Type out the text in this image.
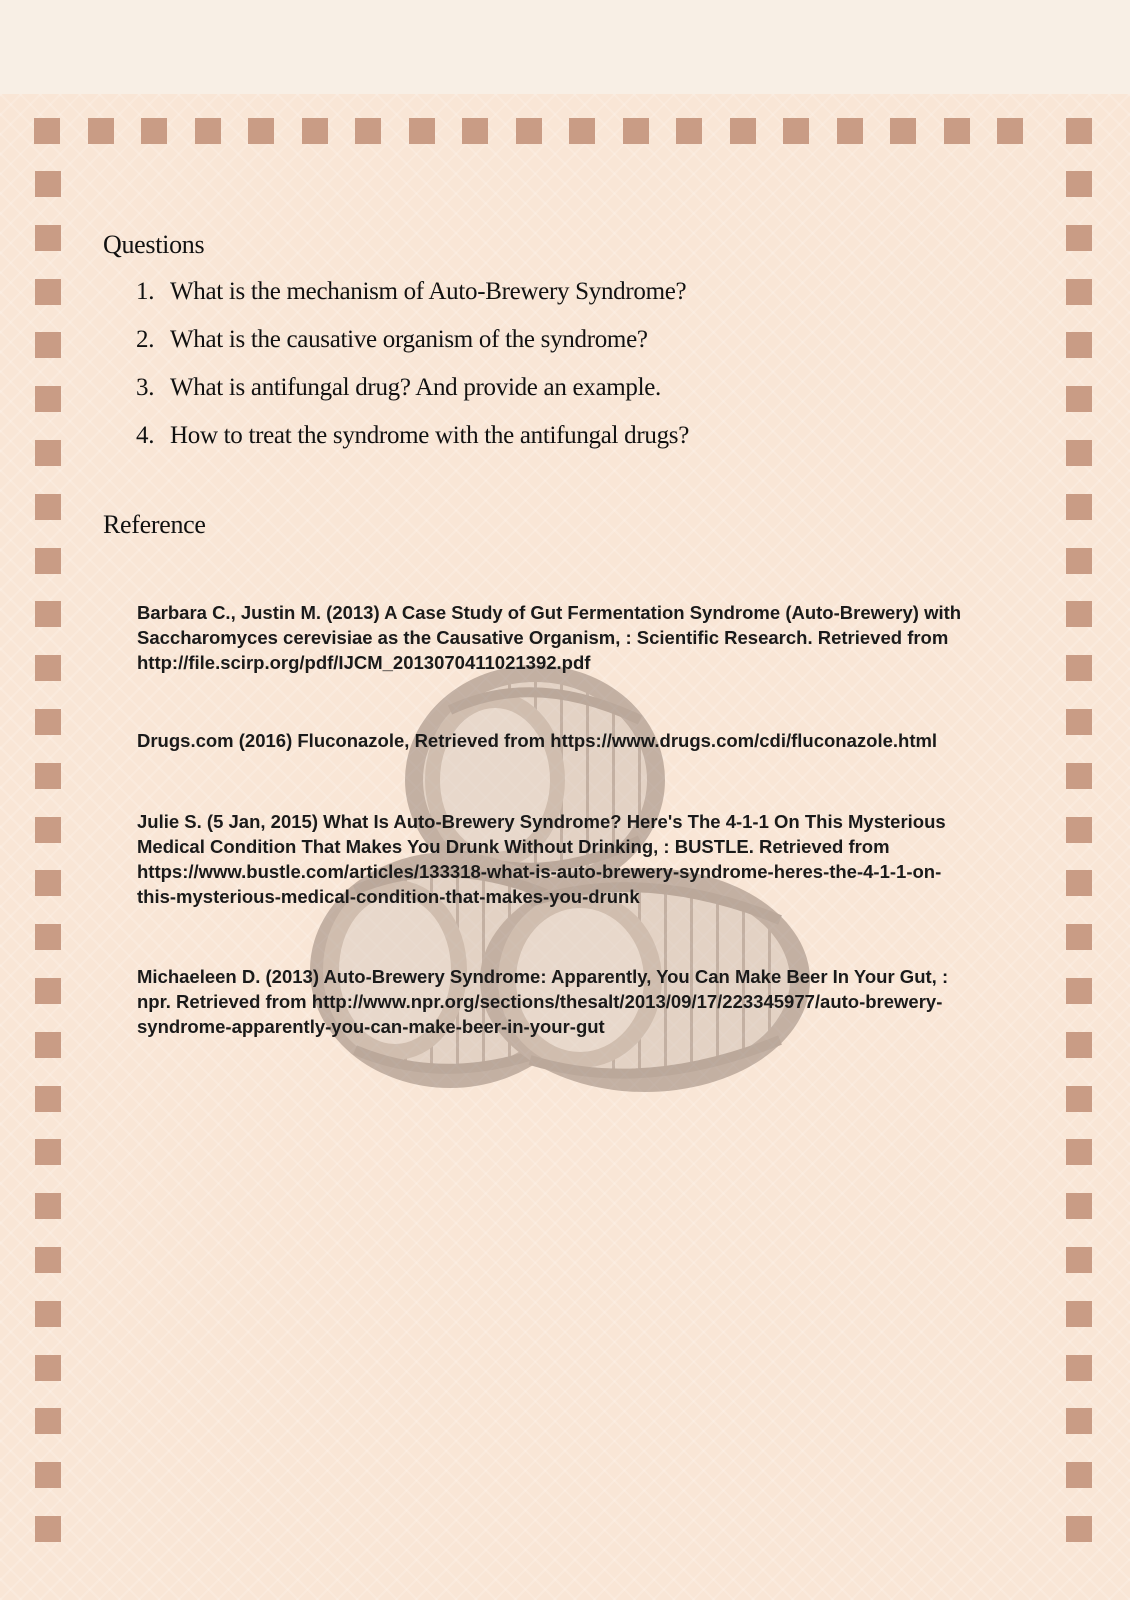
Questions
1. What is the mechanism of Auto-Brewery Syndrome?
2. What is the causative organism of the syndrome?
3. What is antifungal drug? And provide an example.
4. How to treat the syndrome with the antifungal drugs?
Reference

Barbara C., Justin M. (2013) A Case Study of Gut Fermentation Syndrome (Auto-Brewery) with
Saccharomyces cerevisiae as the Causative Organism, : Scientific Research. Retrieved from
http://file.scirp.org/pdf/IJCM_2013070411021392.pdf

Drugs.com (2016) Fluconazole, Retrieved from https://www.drugs.com/cdi/fluconazole.html

Julie S. (5 Jan, 2015) What Is Auto-Brewery Syndrome? Here's The 4-1-1 On This Mysterious
Medical Condition That Makes You Drunk Without Drinking, : BUSTLE. Retrieved from
https://www.bustle.com/articles/133318-what-is-auto-brewery-syndrome-heres-the-4-1-1-on-
this-mysterious-medical-condition-that-makes-you-drunk

Michaeleen D. (2013) Auto-Brewery Syndrome: Apparently, You Can Make Beer In Your Gut, :
npr. Retrieved from http://www.npr.org/sections/thesalt/2013/09/17/223345977/auto-brewery-
syndrome-apparently-you-can-make-beer-in-your-gut
